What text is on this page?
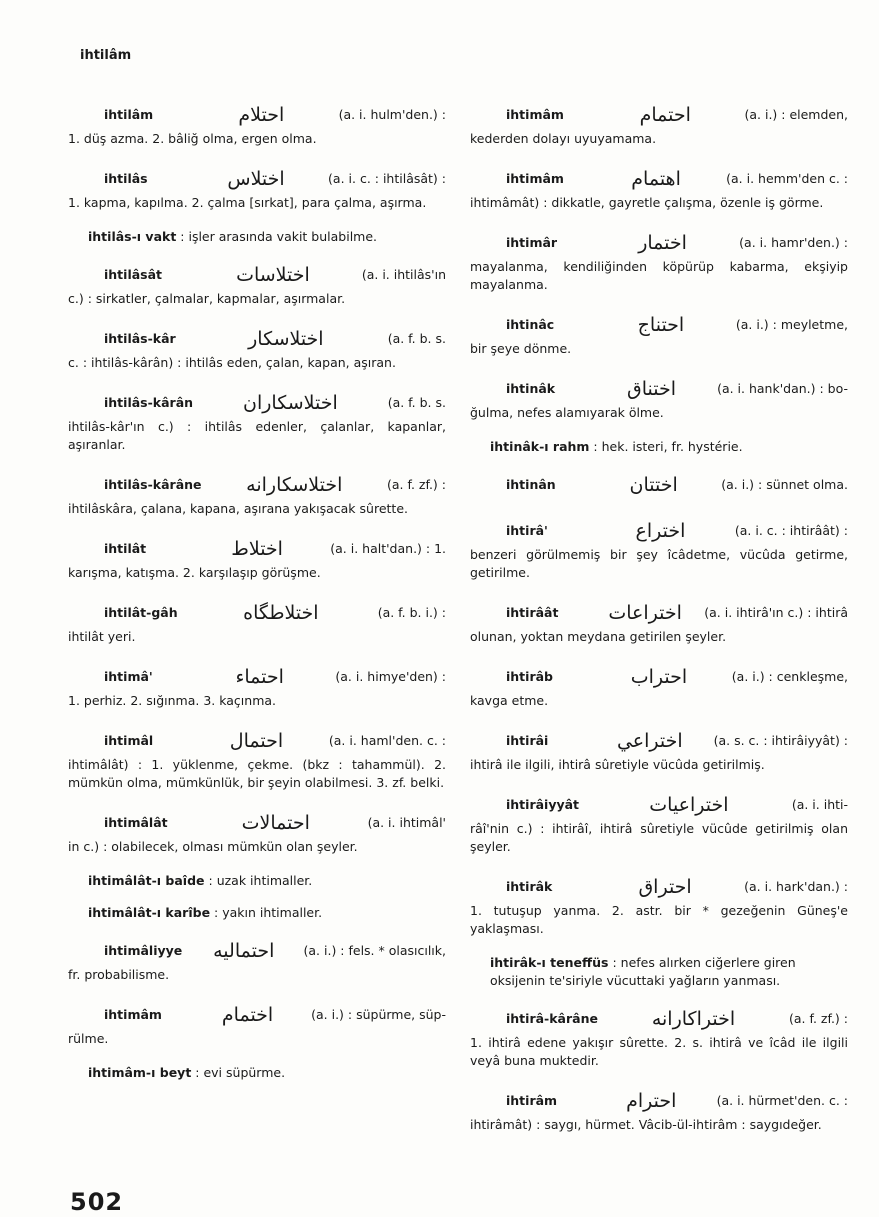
ihtilâm
ihtilâm	احتلام	(a. i. hulm'den.) :
1. düş azma. 2. bâliğ olma, ergen olma.
ihtilâs	اختلاس	(a. i. c. : ihtilâsât) :
1. kapma, kapılma. 2. çalma [sırkat], para çalma, aşırma.
ihtilâs-ı vakt : işler arasında vakit bulabilme.
ihtilâsât	اختلاسات	(a. i. ihtilâs'ın
c.) : sirkatler, çalmalar, kapmalar, aşırmalar.
ihtilâs-kâr	اختلاسكار	(a. f. b. s.
c. : ihtilâs-kârân) : ihtilâs eden, çalan, kapan, aşıran.
ihtilâs-kârân	اختلاسكاران	(a. f. b. s.
ihtilâs-kâr'ın c.) : ihtilâs edenler, çalanlar, kapanlar, aşıranlar.
ihtilâs-kârâne	اختلاسكارانه	(a. f. zf.) :
ihtilâskâra, çalana, kapana, aşırana yakışacak sûrette.
ihtilât	اختلاط	(a. i. halt'dan.) : 1.
karışma, katışma. 2. karşılaşıp görüşme.
ihtilât-gâh	اختلاطگاه	(a. f. b. i.) :
ihtilât yeri.
ihtimâ'	احتماء	(a. i. himye'den) :
1. perhiz. 2. sığınma. 3. kaçınma.
ihtimâl	احتمال	(a. i. haml'den. c. :
ihtimâlât) : 1. yüklenme, çekme. (bkz : tahammül). 2. mümkün olma, mümkünlük, bir şeyin olabilmesi. 3. zf. belki.
ihtimâlât	احتمالات	(a. i. ihtimâl'
in c.) : olabilecek, olması mümkün olan şeyler.
ihtimâlât-ı baîde : uzak ihtimaller.
ihtimâlât-ı karîbe : yakın ihtimaller.
ihtimâliyye	احتماليه	(a. i.) : fels. * olasıcılık,
fr. probabilisme.
ihtimâm	اختمام	(a. i.) : süpürme, süp-
rülme.
ihtimâm-ı beyt : evi süpürme.
ihtimâm	احتمام	(a. i.) : elemden,
kederden dolayı uyuyamama.
ihtimâm	اهتمام	(a. i. hemm'den c. :
ihtimâmât) : dikkatle, gayretle çalışma, özenle iş görme.
ihtimâr	اختمار	(a. i. hamr'den.) :
mayalanma, kendiliğinden köpürüp kabarma, ekşiyip mayalanma.
ihtinâc	احتناج	(a. i.) : meyletme,
bir şeye dönme.
ihtinâk	اختناق	(a. i. hank'dan.) : bo-
ğulma, nefes alamıyarak ölme.
ihtinâk-ı rahm : hek. isteri, fr. hystérie.
ihtinân	اختتان	(a. i.) : sünnet olma.
ihtirâ'	اختراع	(a. i. c. : ihtirâât) :
benzeri görülmemiş bir şey îcâdetme, vücûda getirme, getirilme.
ihtirâât	اختراعات	(a. i. ihtirâ'ın c.) : ihtirâ
olunan, yoktan meydana getirilen şeyler.
ihtirâb	احتراب	(a. i.) : cenkleşme,
kavga etme.
ihtirâi	اختراعي	(a. s. c. : ihtirâiyyât) :
ihtirâ ile ilgili, ihtirâ sûretiyle vücûda getirilmiş.
ihtirâiyyât	اختراعيات	(a. i. ihti-
râî'nin c.) : ihtirâî, ihtirâ sûretiyle vücûde getirilmiş olan şeyler.
ihtirâk	احتراق	(a. i. hark'dan.) :
1. tutuşup yanma. 2. astr. bir * gezeğenin Güneş'e yaklaşması.
ihtirâk-ı teneffüs : nefes alırken ciğerlere giren oksijenin te'siriyle vücuttaki yağların yanması.
ihtirâ-kârâne	اختراكارانه	(a. f. zf.) :
1. ihtirâ edene yakışır sûrette. 2. s. ihtirâ ve îcâd ile ilgili veyâ buna muktedir.
ihtirâm	احترام	(a. i. hürmet'den. c. :
ihtirâmât) : saygı, hürmet. Vâcib-ül-ihtirâm : saygıdeğer.
502
